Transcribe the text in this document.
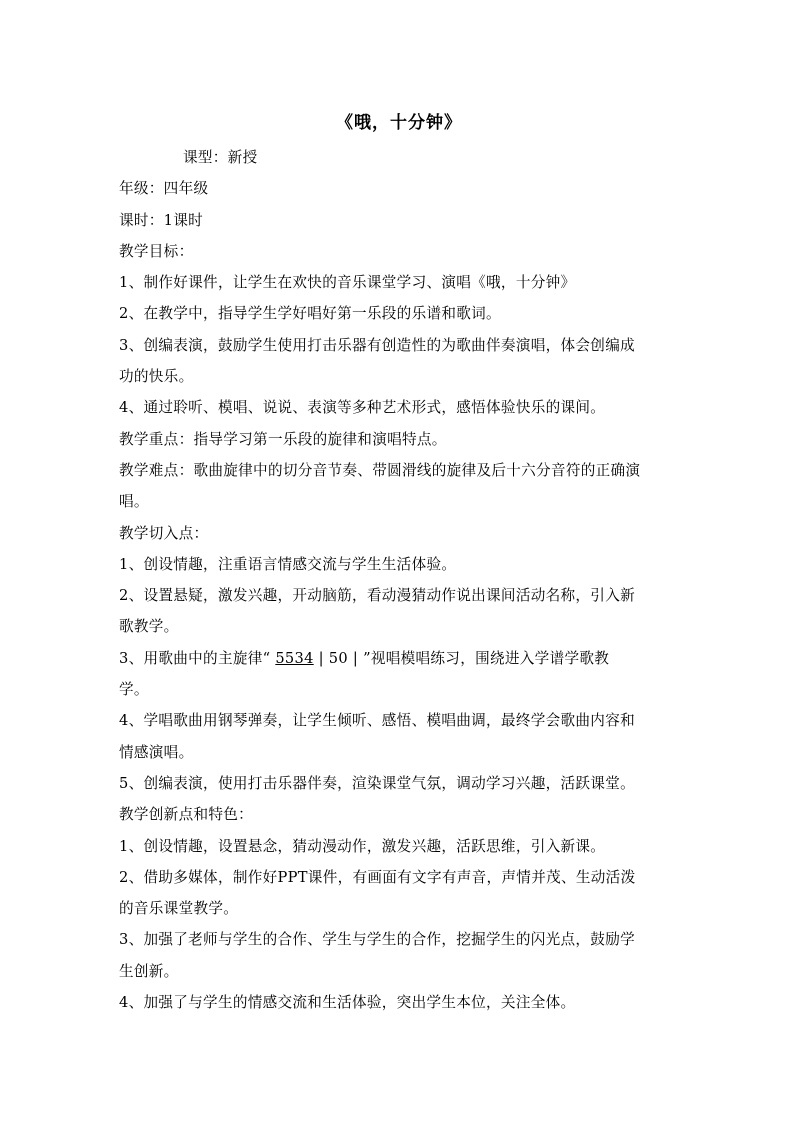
《哦，十分钟》
课型：新授
年级：四年级
课时：1课时
教学目标：
1、制作好课件，让学生在欢快的音乐课堂学习、演唱《哦，十分钟》
2、在教学中，指导学生学好唱好第一乐段的乐谱和歌词。
3、创编表演，鼓励学生使用打击乐器有创造性的为歌曲伴奏演唱，体会创编成
功的快乐。
4、通过聆听、模唱、说说、表演等多种艺术形式，感悟体验快乐的课间。
教学重点：指导学习第一乐段的旋律和演唱特点。
教学难点：歌曲旋律中的切分音节奏、带圆滑线的旋律及后十六分音符的正确演
唱。
教学切入点：
1、创设情趣，注重语言情感交流与学生生活体验。
2、设置悬疑，激发兴趣，开动脑筋，看动漫猜动作说出课间活动名称，引入新
歌教学。
3、用歌曲中的主旋律“ 5534 | 50 | ”视唱模唱练习，围绕进入学谱学歌教
学。
4、学唱歌曲用钢琴弹奏，让学生倾听、感悟、模唱曲调，最终学会歌曲内容和
情感演唱。
5、创编表演，使用打击乐器伴奏，渲染课堂气氛，调动学习兴趣，活跃课堂。
教学创新点和特色：
1、创设情趣，设置悬念，猜动漫动作，激发兴趣，活跃思维，引入新课。
2、借助多媒体，制作好PPT课件，有画面有文字有声音，声情并茂、生动活泼
的音乐课堂教学。
3、加强了老师与学生的合作、学生与学生的合作，挖掘学生的闪光点，鼓励学
生创新。
4、加强了与学生的情感交流和生活体验，突出学生本位，关注全体。
